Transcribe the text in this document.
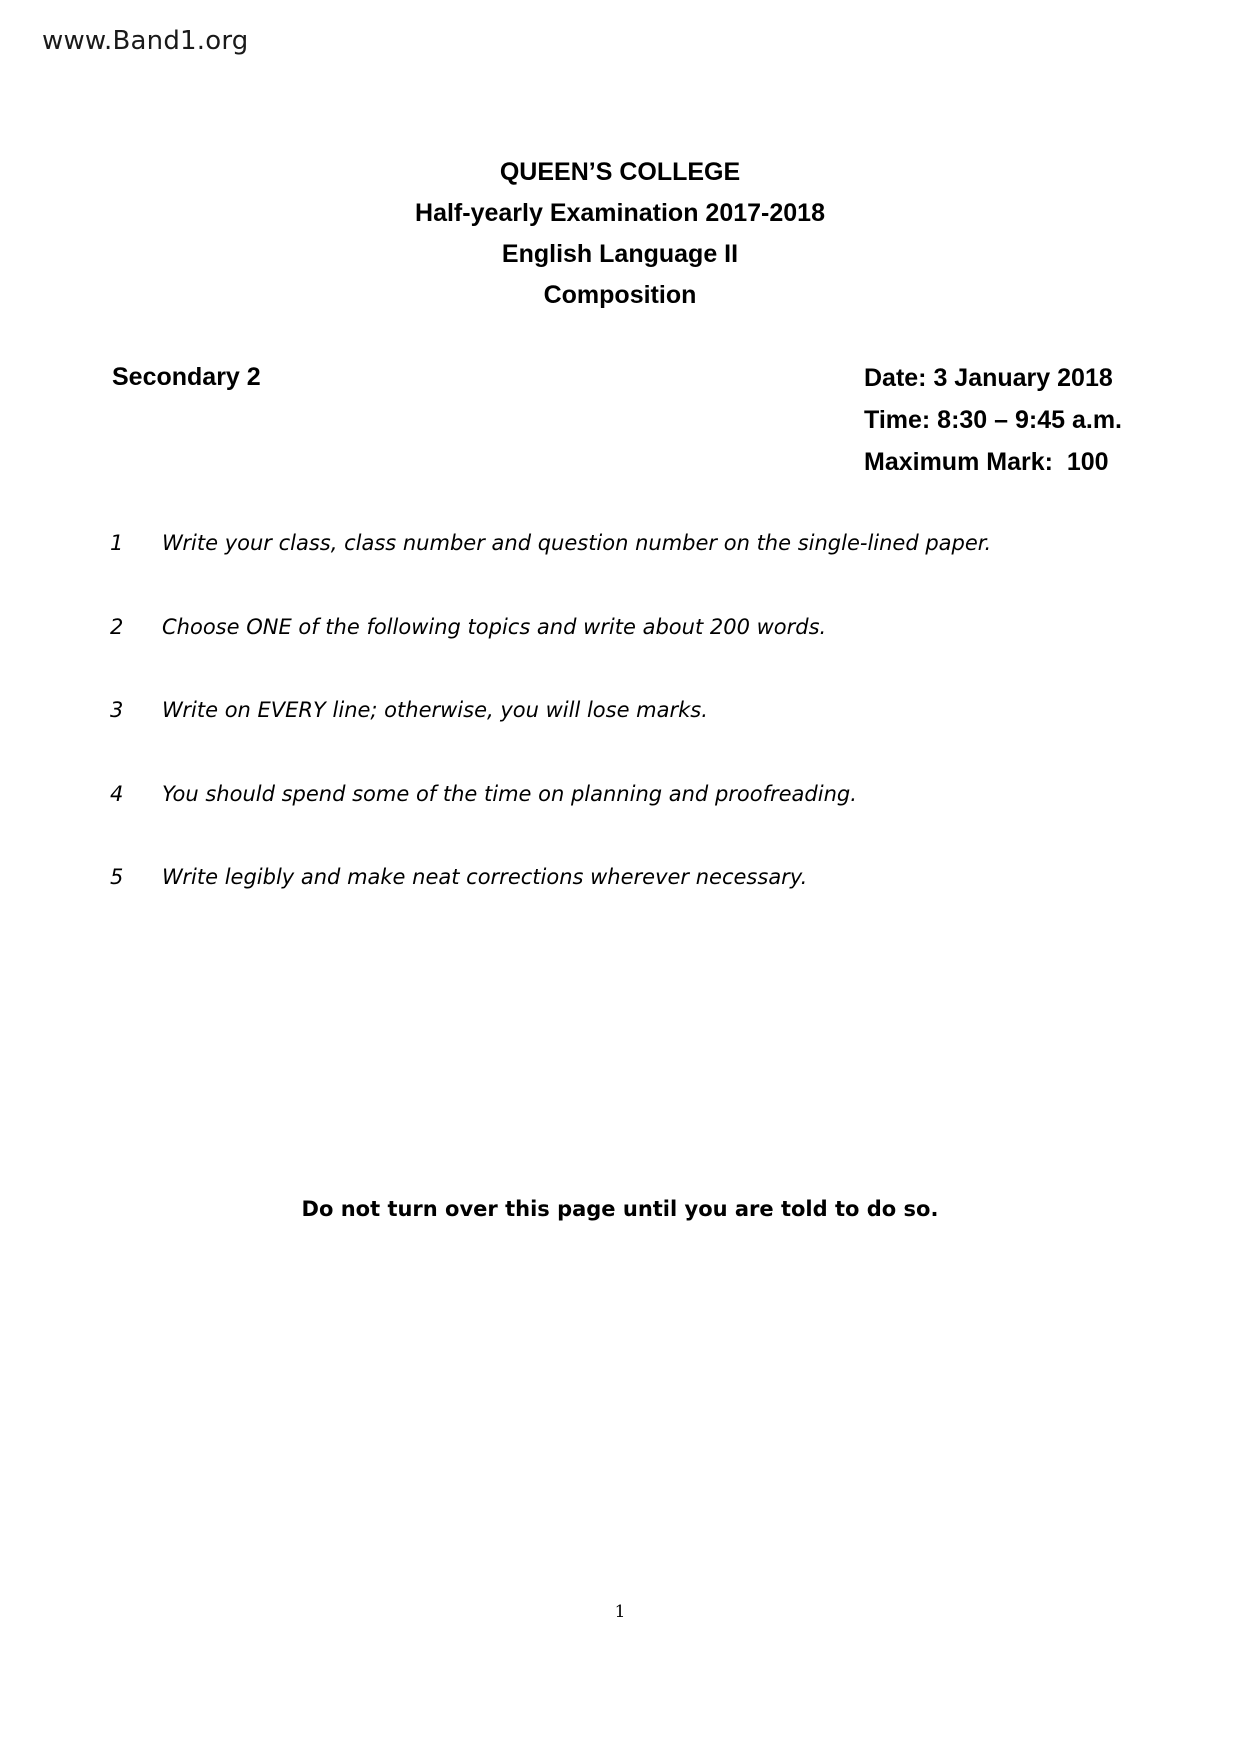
www.Band1.org
QUEEN’S COLLEGE
Half-yearly Examination 2017-2018
English Language II
Composition
Secondary 2	Date: 3 January 2018
Time: 8:30 – 9:45 a.m.
Maximum Mark:  100
1	Write your class, class number and question number on the single-lined paper.
2	Choose ONE of the following topics and write about 200 words.
3	Write on EVERY line; otherwise, you will lose marks.
4	You should spend some of the time on planning and proofreading.
5	Write legibly and make neat corrections wherever necessary.
Do not turn over this page until you are told to do so.
1
